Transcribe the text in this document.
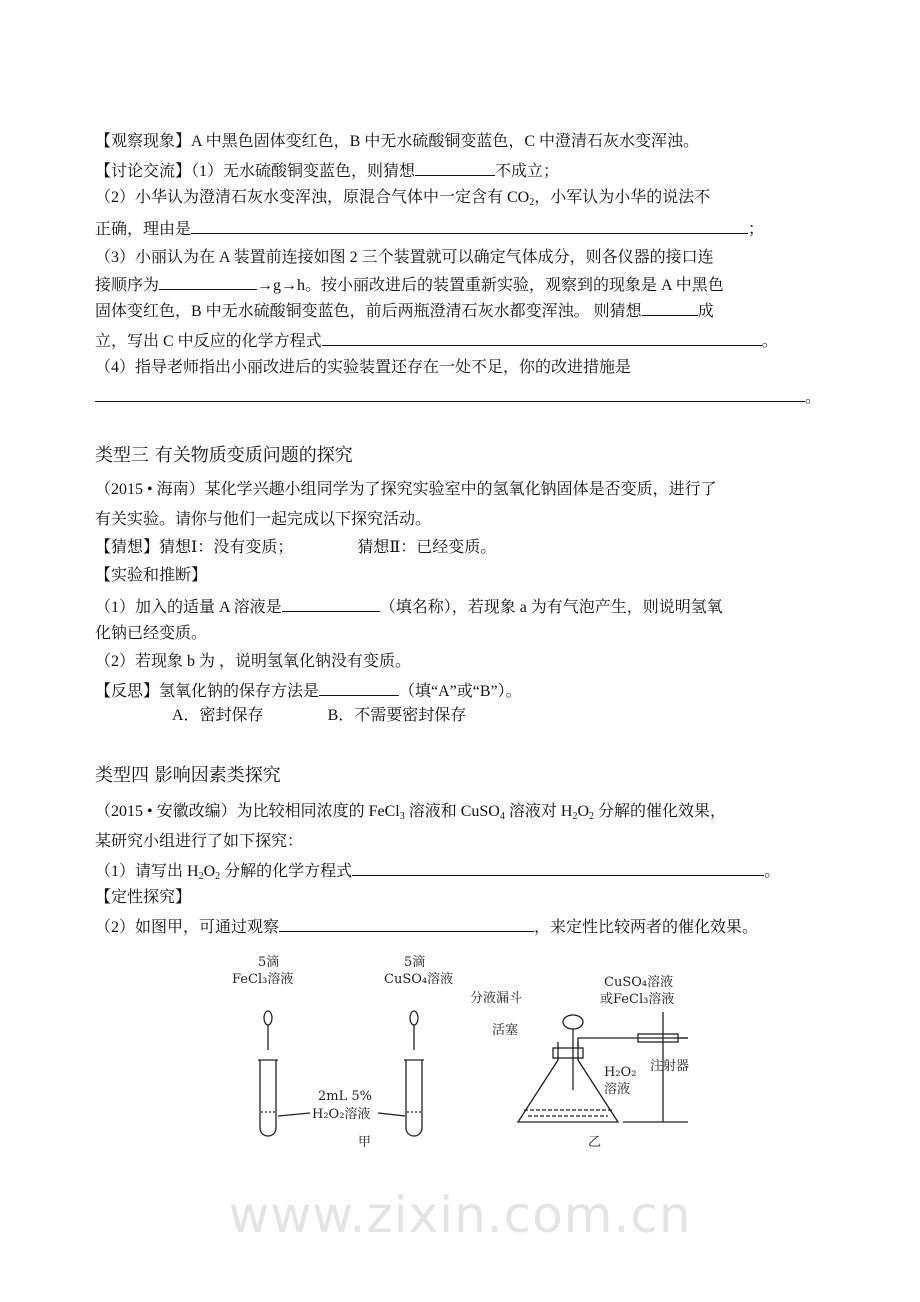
【观察现象】A 中黑色固体变红色，B 中无水硫酸铜变蓝色，C 中澄清石灰水变浑浊。
【讨论交流】（1）无水硫酸铜变蓝色，则猜想	不成立；
（2）小华认为澄清石灰水变浑浊，原混合气体中一定含有 $CO_2$，小军认为小华的说法不
正确，理由是	；
（3）小丽认为在 A 装置前连接如图 2 三个装置就可以确定气体成分，则各仪器的接口连
接顺序为	→g→h。按小丽改进后的装置重新实验，观察到的现象是 A 中黑色
固体变红色，B 中无水硫酸铜变蓝色，前后两瓶澄清石灰水都变浑浊。 则猜想	成
立，写出 C 中反应的化学方程式	。
（4）指导老师指出小丽改进后的实验装置还存在一处不足，你的改进措施是
。
类型三 有关物质变质问题的探究
（2015 • 海南）某化学兴趣小组同学为了探究实验室中的氢氧化钠固体是否变质，进行了
有关实验。请你与他们一起完成以下探究活动。
【猜想】猜想Ⅰ：没有变质；	猜想Ⅱ：已经变质。
【实验和推断】
（1）加入的适量 A 溶液是	（填名称），若现象 a 为有气泡产生，则说明氢氧
化钠已经变质。
（2）若现象 b 为 ，说明氢氧化钠没有变质。
【反思】氢氧化钠的保存方法是	（填“A”或“B”）。
A．密封保存	B．不需要密封保存
类型四 影响因素类探究
（2015 • 安徽改编）为比较相同浓度的 FeCl$_3$ 溶液和 CuSO$_4$ 溶液对 $H_2O_2$ 分解的催化效果，
某研究小组进行了如下探究：
（1）请写出 $H_2O_2$ 分解的化学方程式	。
【定性探究】
（2）如图甲，可通过观察	，来定性比较两者的催化效果。
5滴
FeCl₃溶液
5滴
CuSO₄溶液
2mL 5%
H₂O₂溶液
甲
分液漏斗
CuSO₄溶液
或FeCl₃溶液
活塞
H₂O₂
溶液
注射器
乙
www.zixin.com.cn
